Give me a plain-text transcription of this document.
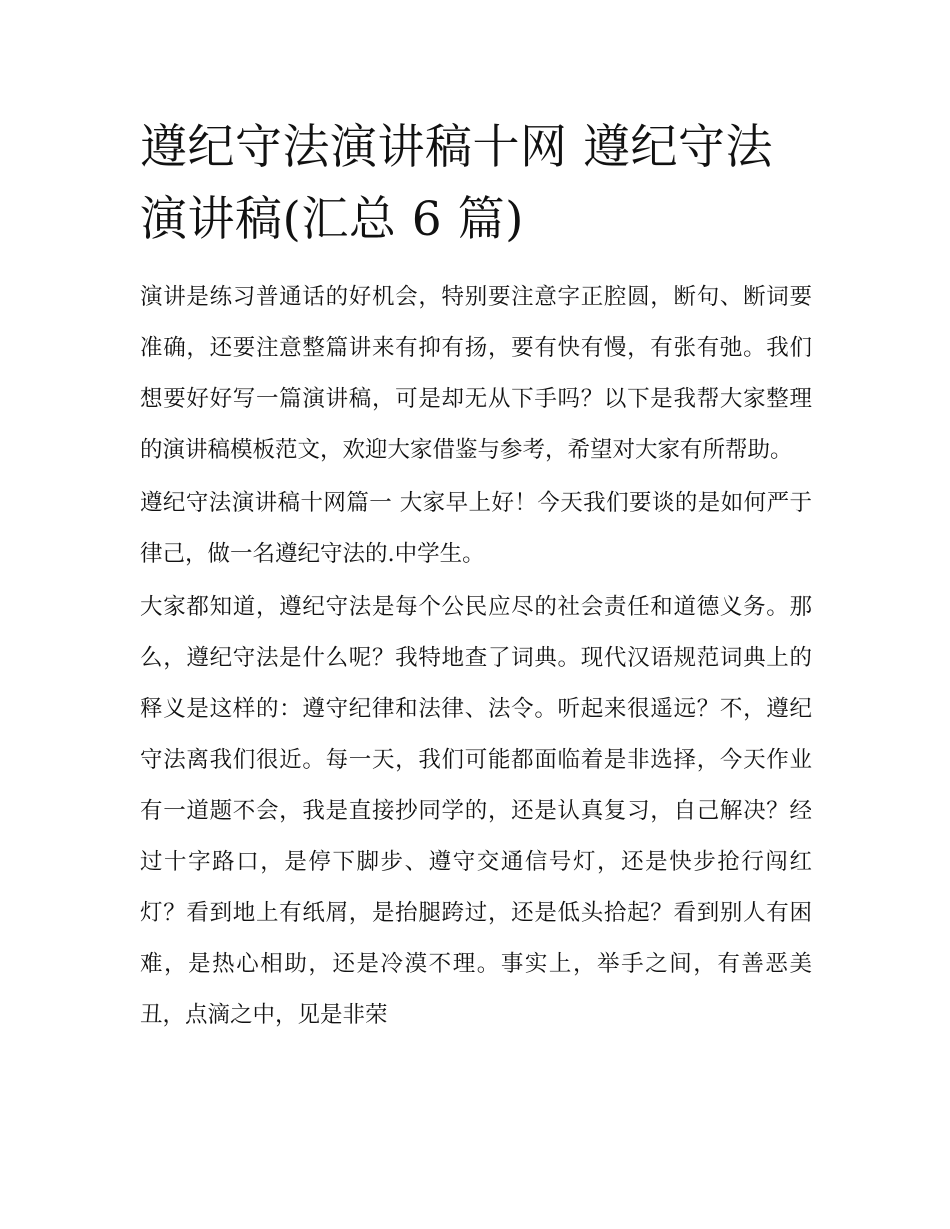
遵纪守法演讲稿十网 遵纪守法演讲稿(汇总 6 篇)

演讲是练习普通话的好机会，特别要注意字正腔圆，断句、断词要准确，还要注意整篇讲来有抑有扬，要有快有慢，有张有弛。我们想要好好写一篇演讲稿，可是却无从下手吗？以下是我帮大家整理的演讲稿模板范文，欢迎大家借鉴与参考，希望对大家有所帮助。

遵纪守法演讲稿十网篇一 大家早上好！今天我们要谈的是如何严于律己，做一名遵纪守法的.中学生。

大家都知道，遵纪守法是每个公民应尽的社会责任和道德义务。那么，遵纪守法是什么呢？我特地查了词典。现代汉语规范词典上的释义是这样的：遵守纪律和法律、法令。听起来很遥远？不，遵纪守法离我们很近。每一天，我们可能都面临着是非选择，今天作业有一道题不会，我是直接抄同学的，还是认真复习，自己解决？经过十字路口，是停下脚步、遵守交通信号灯，还是快步抢行闯红灯？看到地上有纸屑，是抬腿跨过，还是低头拾起？看到别人有困难，是热心相助，还是冷漠不理。事实上，举手之间，有善恶美丑，点滴之中，见是非荣
